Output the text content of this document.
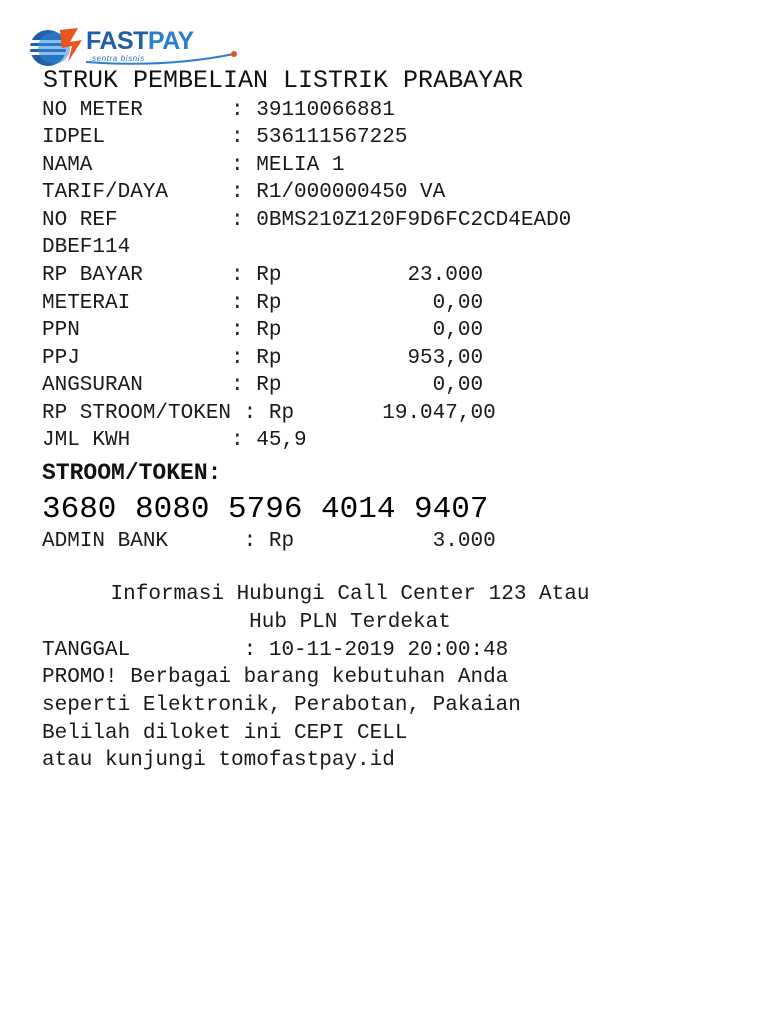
FASTPAY
sentra bisnis
STRUK PEMBELIAN LISTRIK PRABAYAR
NO METER       : 39110066881
IDPEL          : 536111567225
NAMA           : MELIA 1
TARIF/DAYA     : R1/000000450 VA
NO REF         : 0BMS210Z120F9D6FC2CD4EAD0
DBEF114
RP BAYAR       : Rp          23.000
METERAI        : Rp            0,00
PPN            : Rp            0,00
PPJ            : Rp          953,00
ANGSURAN       : Rp            0,00
RP STROOM/TOKEN : Rp       19.047,00
JML KWH        : 45,9
STROOM/TOKEN:
3680 8080 5796 4014 9407
ADMIN BANK      : Rp           3.000
Informasi Hubungi Call Center 123 Atau
Hub PLN Terdekat
TANGGAL         : 10-11-2019 20:00:48
PROMO! Berbagai barang kebutuhan Anda
seperti Elektronik, Perabotan, Pakaian
Belilah diloket ini CEPI CELL
atau kunjungi tomofastpay.id
